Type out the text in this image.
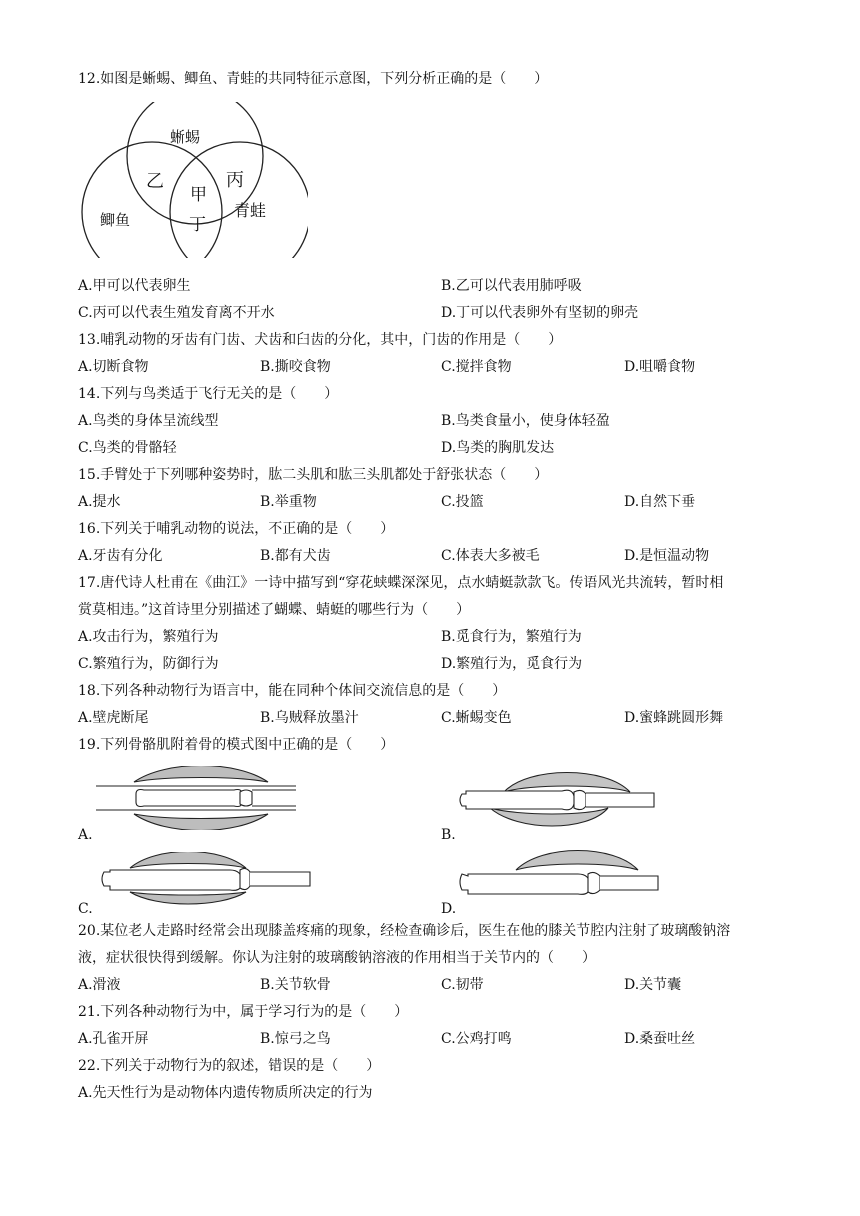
12.如图是蜥蜴、鲫鱼、青蛙的共同特征示意图，下列分析正确的是（　　）
蜥蜴
鲫鱼	青蛙
甲
乙	丙
丁
A.甲可以代表卵生	B.乙可以代表用肺呼吸
C.丙可以代表生殖发育离不开水	D.丁可以代表卵外有坚韧的卵壳
13.哺乳动物的牙齿有门齿、犬齿和臼齿的分化，其中，门齿的作用是（　　）
A.切断食物	B.撕咬食物	C.搅拌食物	D.咀嚼食物
14.下列与鸟类适于飞行无关的是（　　）
A.鸟类的身体呈流线型	B.鸟类食量小，使身体轻盈
C.鸟类的骨骼轻	D.鸟类的胸肌发达
15.手臂处于下列哪种姿势时，肱二头肌和肱三头肌都处于舒张状态（　　）
A.提水	B.举重物	C.投篮	D.自然下垂
16.下列关于哺乳动物的说法，不正确的是（　　）
A.牙齿有分化	B.都有犬齿	C.体表大多被毛	D.是恒温动物
17.唐代诗人杜甫在《曲江》一诗中描写到“穿花蛱蝶深深见，点水蜻蜓款款飞。传语风光共流转，暂时相
赏莫相违。”这首诗里分别描述了蝴蝶、蜻蜓的哪些行为（　　）
A.攻击行为，繁殖行为	B.觅食行为，繁殖行为
C.繁殖行为，防御行为	D.繁殖行为，觅食行为
18.下列各种动物行为语言中，能在同种个体间交流信息的是（　　）
A.壁虎断尾	B.乌贼释放墨汁	C.蜥蜴变色	D.蜜蜂跳圆形舞
19.下列骨骼肌附着骨的模式图中正确的是（　　）
A.	B.
C.	D.
20.某位老人走路时经常会出现膝盖疼痛的现象，经检查确诊后，医生在他的膝关节腔内注射了玻璃酸钠溶
液，症状很快得到缓解。你认为注射的玻璃酸钠溶液的作用相当于关节内的（　　）
A.滑液	B.关节软骨	C.韧带	D.关节囊
21.下列各种动物行为中，属于学习行为的是（　　）
A.孔雀开屏	B.惊弓之鸟	C.公鸡打鸣	D.桑蚕吐丝
22.下列关于动物行为的叙述，错误的是（　　）
A.先天性行为是动物体内遗传物质所决定的行为
